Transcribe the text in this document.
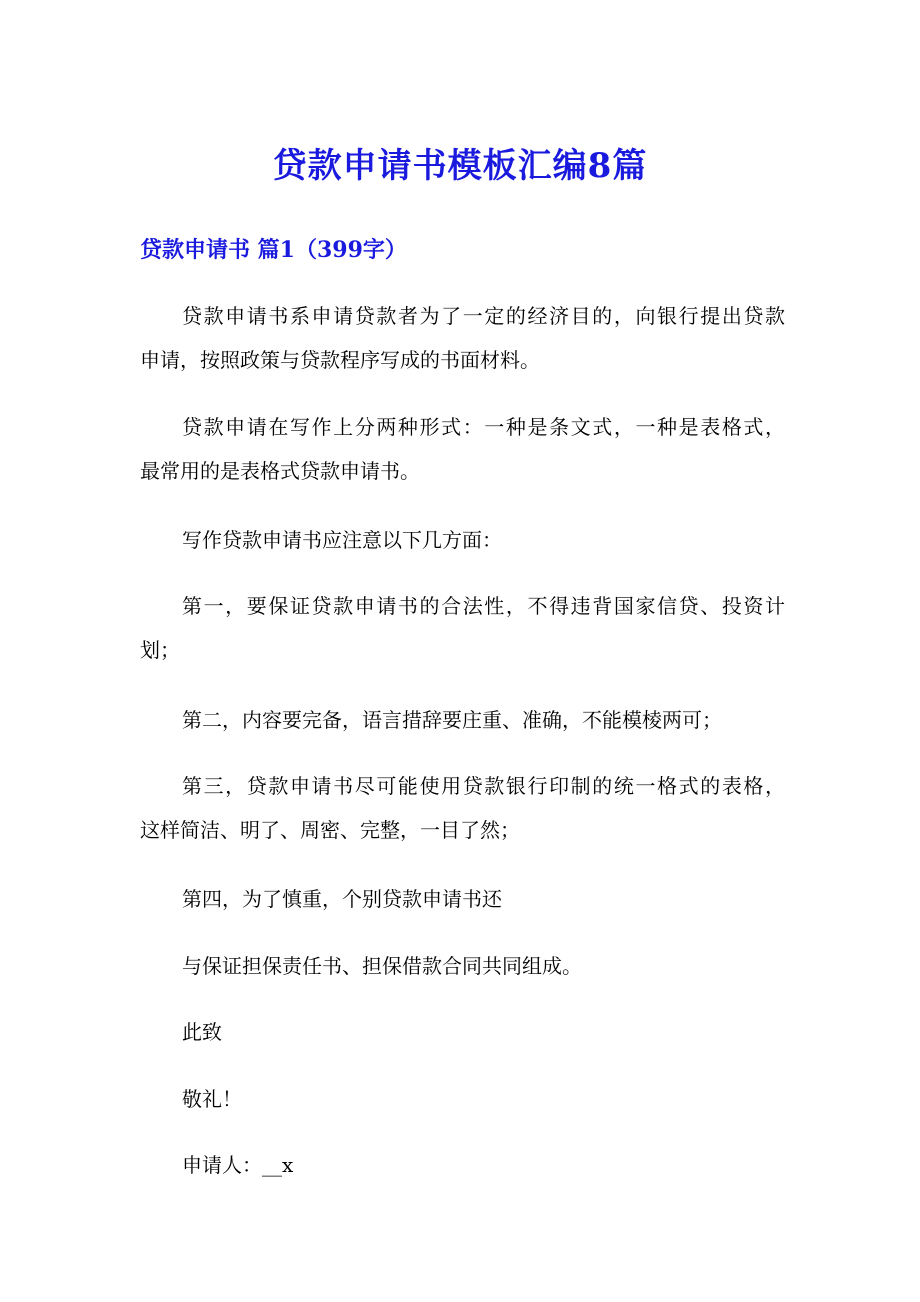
贷款申请书模板汇编8篇
贷款申请书 篇1（399字）
贷款申请书系申请贷款者为了一定的经济目的，向银行提出贷款
申请，按照政策与贷款程序写成的书面材料。
贷款申请在写作上分两种形式：一种是条文式，一种是表格式，
最常用的是表格式贷款申请书。
写作贷款申请书应注意以下几方面：
第一，要保证贷款申请书的合法性，不得违背国家信贷、投资计
划；
第二，内容要完备，语言措辞要庄重、准确，不能模棱两可；
第三，贷款申请书尽可能使用贷款银行印制的统一格式的表格，
这样简洁、明了、周密、完整，一目了然；
第四，为了慎重，个别贷款申请书还
与保证担保责任书、担保借款合同共同组成。
此致
敬礼！
申请人：__x
